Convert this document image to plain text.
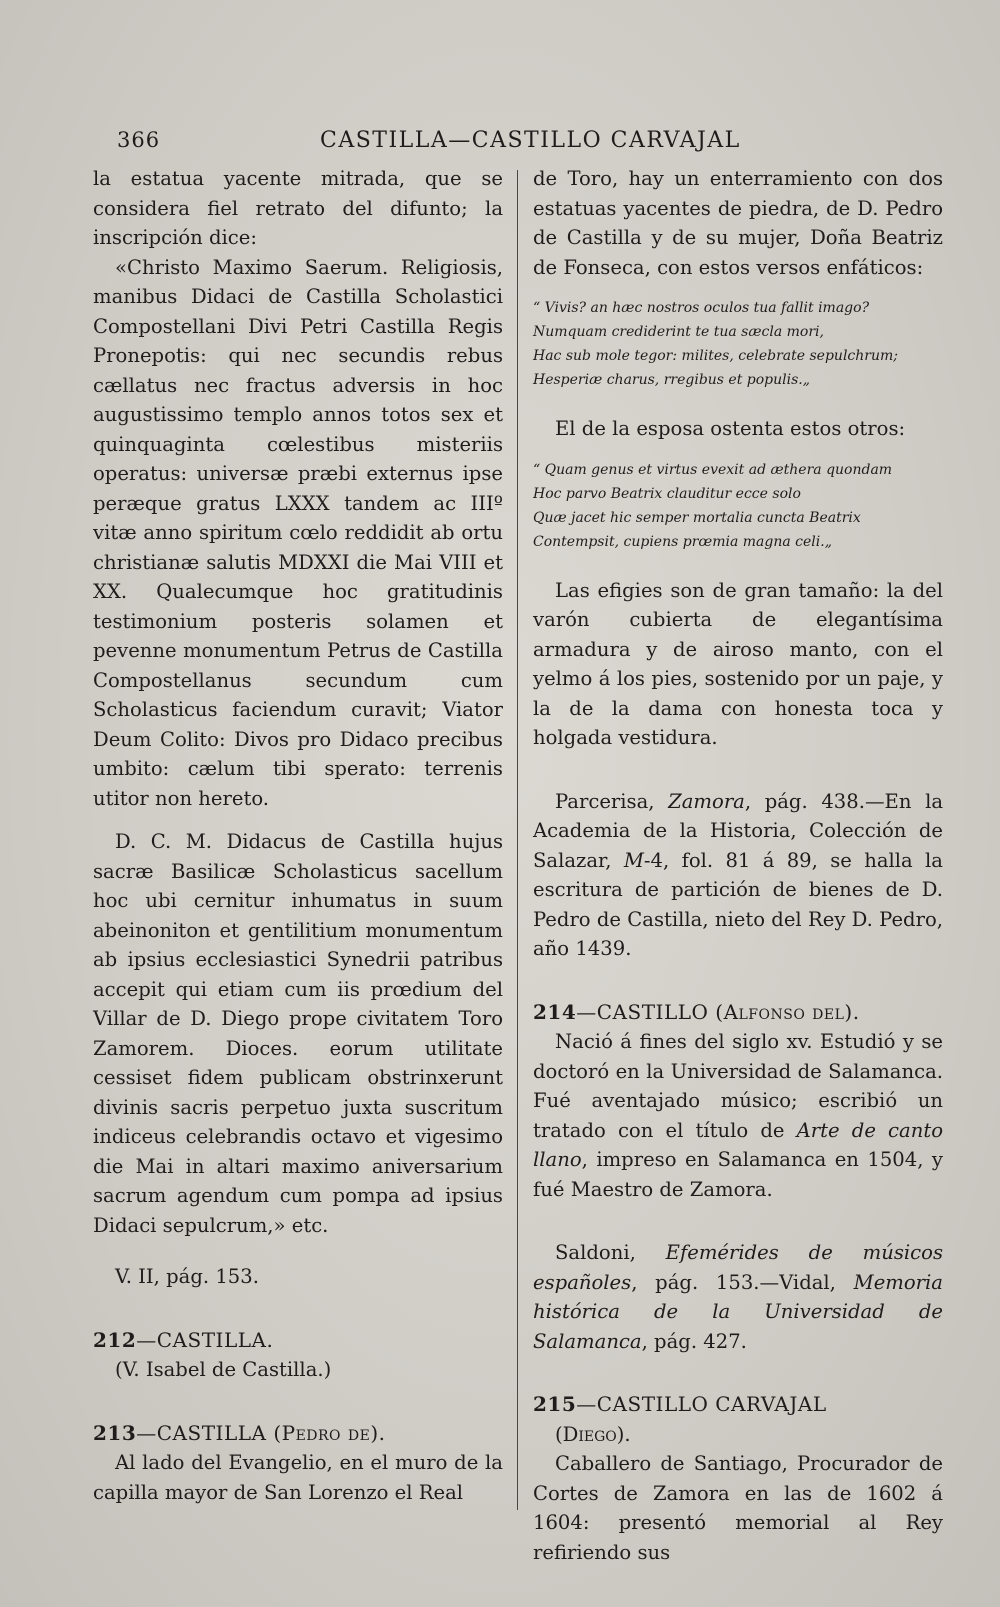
366	CASTILLA—CASTILLO CARVAJAL

la estatua yacente mitrada, que se considera fiel retrato del difunto; la inscripción dice:

«Christo Maximo Saerum. Religiosis, manibus Didaci de Castilla Scholastici Compostellani Divi Petri Castilla Regis Pronepotis: qui nec secundis rebus cællatus nec fractus adversis in hoc augustissimo templo annos totos sex et quinquaginta cœlestibus misteriis operatus: universæ præbi externus ipse peræque gratus LXXX tandem ac IIIº vitæ anno spiritum cœlo reddidit ab ortu christianæ salutis MDXXI die Mai VIII et XX. Qualecumque hoc gratitudinis testimonium posteris solamen et pevenne monumentum Petrus de Castilla Compostellanus secundum cum Scholasticus faciendum curavit; Viator Deum Colito: Divos pro Didaco precibus umbito: cælum tibi sperato: terrenis utitor non hereto.

D. C. M. Didacus de Castilla hujus sacræ Basilicæ Scholasticus sacellum hoc ubi cernitur inhumatus in suum abeinoniton et gentilitium monumentum ab ipsius ecclesiastici Synedrii patribus accepit qui etiam cum iis prœdium del Villar de D. Diego prope civitatem Toro Zamorem. Dioces. eorum utilitate cessiset fidem publicam obstrinxerunt divinis sacris perpetuo juxta suscritum indiceus celebrandis octavo et vigesimo die Mai in altari maximo aniversarium sacrum agendum cum pompa ad ipsius Didaci sepulcrum,» etc.

V. II, pág. 153.

212—CASTILLA.

(V. Isabel de Castilla.)

213—CASTILLA (Pedro de).

Al lado del Evangelio, en el muro de la capilla mayor de San Lorenzo el Real

de Toro, hay un enterramiento con dos estatuas yacentes de piedra, de D. Pedro de Castilla y de su mujer, Doña Beatriz de Fonseca, con estos versos enfáticos:

“ Vivis? an hæc nostros oculos tua fallit imago?
Numquam crediderint te tua sæcla mori,
Hac sub mole tegor: milites, celebrate sepulchrum;
Hesperiæ charus, rregibus et populis.„

El de la esposa ostenta estos otros:

“ Quam genus et virtus evexit ad æthera quondam
Hoc parvo Beatrix clauditur ecce solo
Quæ jacet hic semper mortalia cuncta Beatrix
Contempsit, cupiens prœmia magna celi.„

Las efigies son de gran tamaño: la del varón cubierta de elegantísima armadura y de airoso manto, con el yelmo á los pies, sostenido por un paje, y la de la dama con honesta toca y holgada vestidura.

Parcerisa, Zamora, pág. 438.—En la Academia de la Historia, Colección de Salazar, M-4, fol. 81 á 89, se halla la escritura de partición de bienes de D. Pedro de Castilla, nieto del Rey D. Pedro, año 1439.

214—CASTILLO (Alfonso del).

Nació á fines del siglo xv. Estudió y se doctoró en la Universidad de Salamanca. Fué aventajado músico; escribió un tratado con el título de Arte de canto llano, impreso en Salamanca en 1504, y fué Maestro de Zamora.

Saldoni, Efemérides de músicos españoles, pág. 153.—Vidal, Memoria histórica de la Universidad de Salamanca, pág. 427.

215—CASTILLO CARVAJAL

(Diego).

Caballero de Santiago, Procurador de Cortes de Zamora en las de 1602 á 1604: presentó memorial al Rey refiriendo sus
